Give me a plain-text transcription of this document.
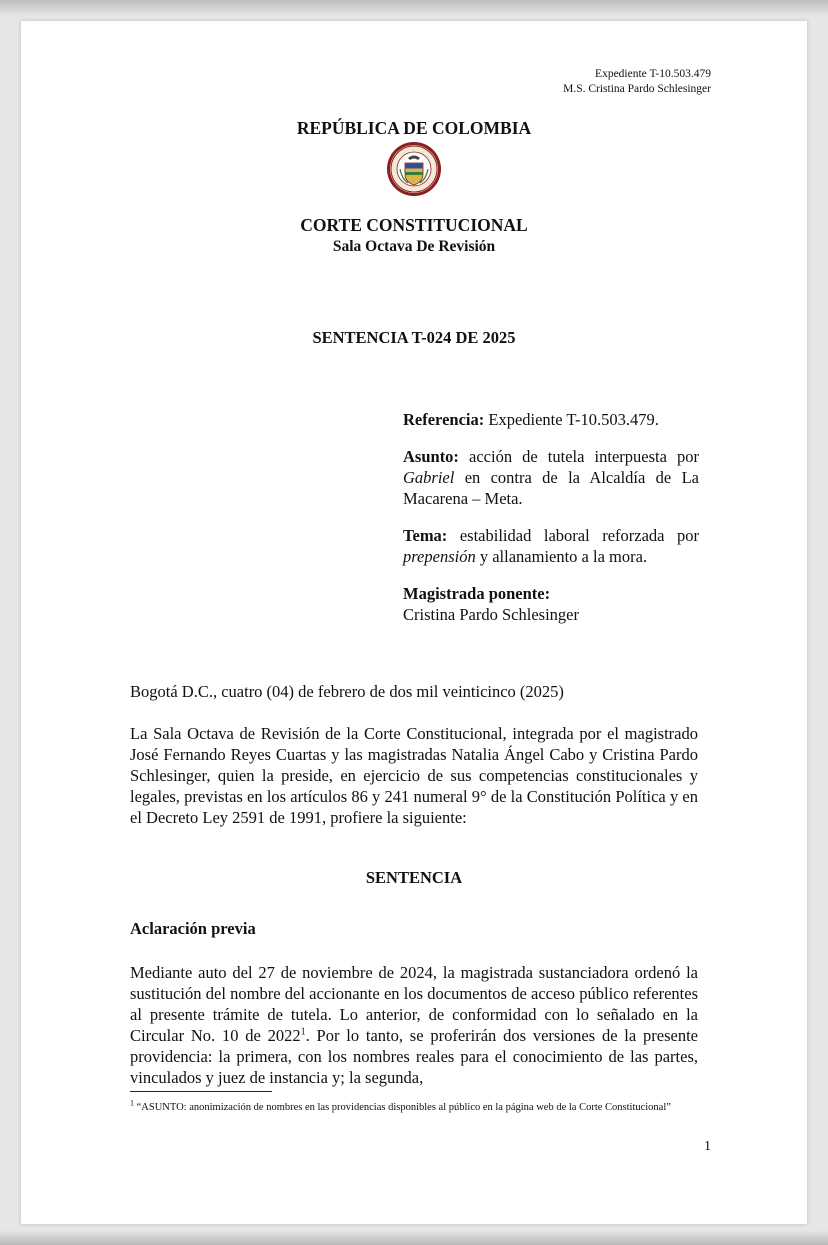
Expediente T-10.503.479
M.S. Cristina Pardo Schlesinger
REPÚBLICA DE COLOMBIA
CORTE CONSTITUCIONAL
Sala Octava De Revisión
SENTENCIA T-024 DE 2025

Referencia: Expediente T-10.503.479.

Asunto: acción de tutela interpuesta por Gabriel en contra de la Alcaldía de La Macarena – Meta.

Tema: estabilidad laboral reforzada por prepensión y allanamiento a la mora.

Magistrada ponente:
Cristina Pardo Schlesinger

Bogotá D.C., cuatro (04) de febrero de dos mil veinticinco (2025)
La Sala Octava de Revisión de la Corte Constitucional, integrada por el magistrado José Fernando Reyes Cuartas y las magistradas Natalia Ángel Cabo y Cristina Pardo Schlesinger, quien la preside, en ejercicio de sus competencias constitucionales y legales, previstas en los artículos 86 y 241 numeral 9° de la Constitución Política y en el Decreto Ley 2591 de 1991, profiere la siguiente:
SENTENCIA
Aclaración previa
Mediante auto del 27 de noviembre de 2024, la magistrada sustanciadora ordenó la sustitución del nombre del accionante en los documentos de acceso público referentes al presente trámite de tutela. Lo anterior, de conformidad con lo señalado en la Circular No. 10 de 2022$^1$. Por lo tanto, se proferirán dos versiones de la presente providencia: la primera, con los nombres reales para el conocimiento de las partes, vinculados y juez de instancia y; la segunda,
$^1$ “ASUNTO: anonimización de nombres en las providencias disponibles al público en la página web de la Corte Constitucional”
1
